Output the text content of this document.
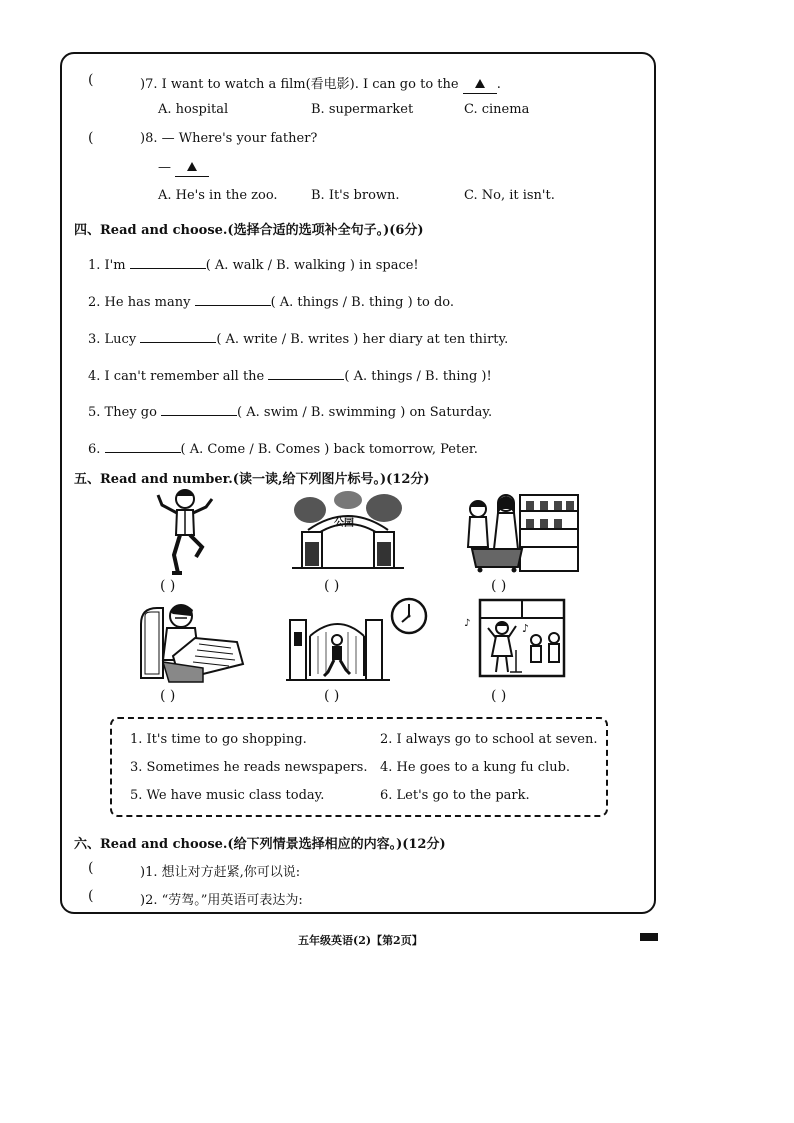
(	)7. I want to watch a film(看电影). I can go to the	.
A. hospital	B. supermarket	C. cinema
(	)8. — Where's your father?
—
A. He's in the zoo.	B. It's brown.	C. No, it isn't.
四、Read and choose.(选择合适的选项补全句子。)(6分)
1. I'm	( A. walk / B. walking ) in space!
2. He has many	( A. things / B. thing ) to do.
3. Lucy	( A. write / B. writes ) her diary at ten thirty.
4. I can't remember all the	( A. things / B. thing )!
5. They go	( A. swim / B. swimming ) on Saturday.
6.	( A. Come / B. Comes ) back tomorrow, Peter.
五、Read and number.(读一读,给下列图片标号。)(12分)
( )
公园
( )	( )
( )	( )
♪
♪
( )
1. It's time to go shopping.	2. I always go to school at seven.
3. Sometimes he reads newspapers. 4. He goes to a kung fu club.
5. We have music class today.	6. Let's go to the park.
六、Read and choose.(给下列情景选择相应的内容。)(12分)
(	)1. 想让对方赶紧,你可以说:
(	)2. “劳驾。”用英语可表达为:
五年级英语(2)【第2页】
